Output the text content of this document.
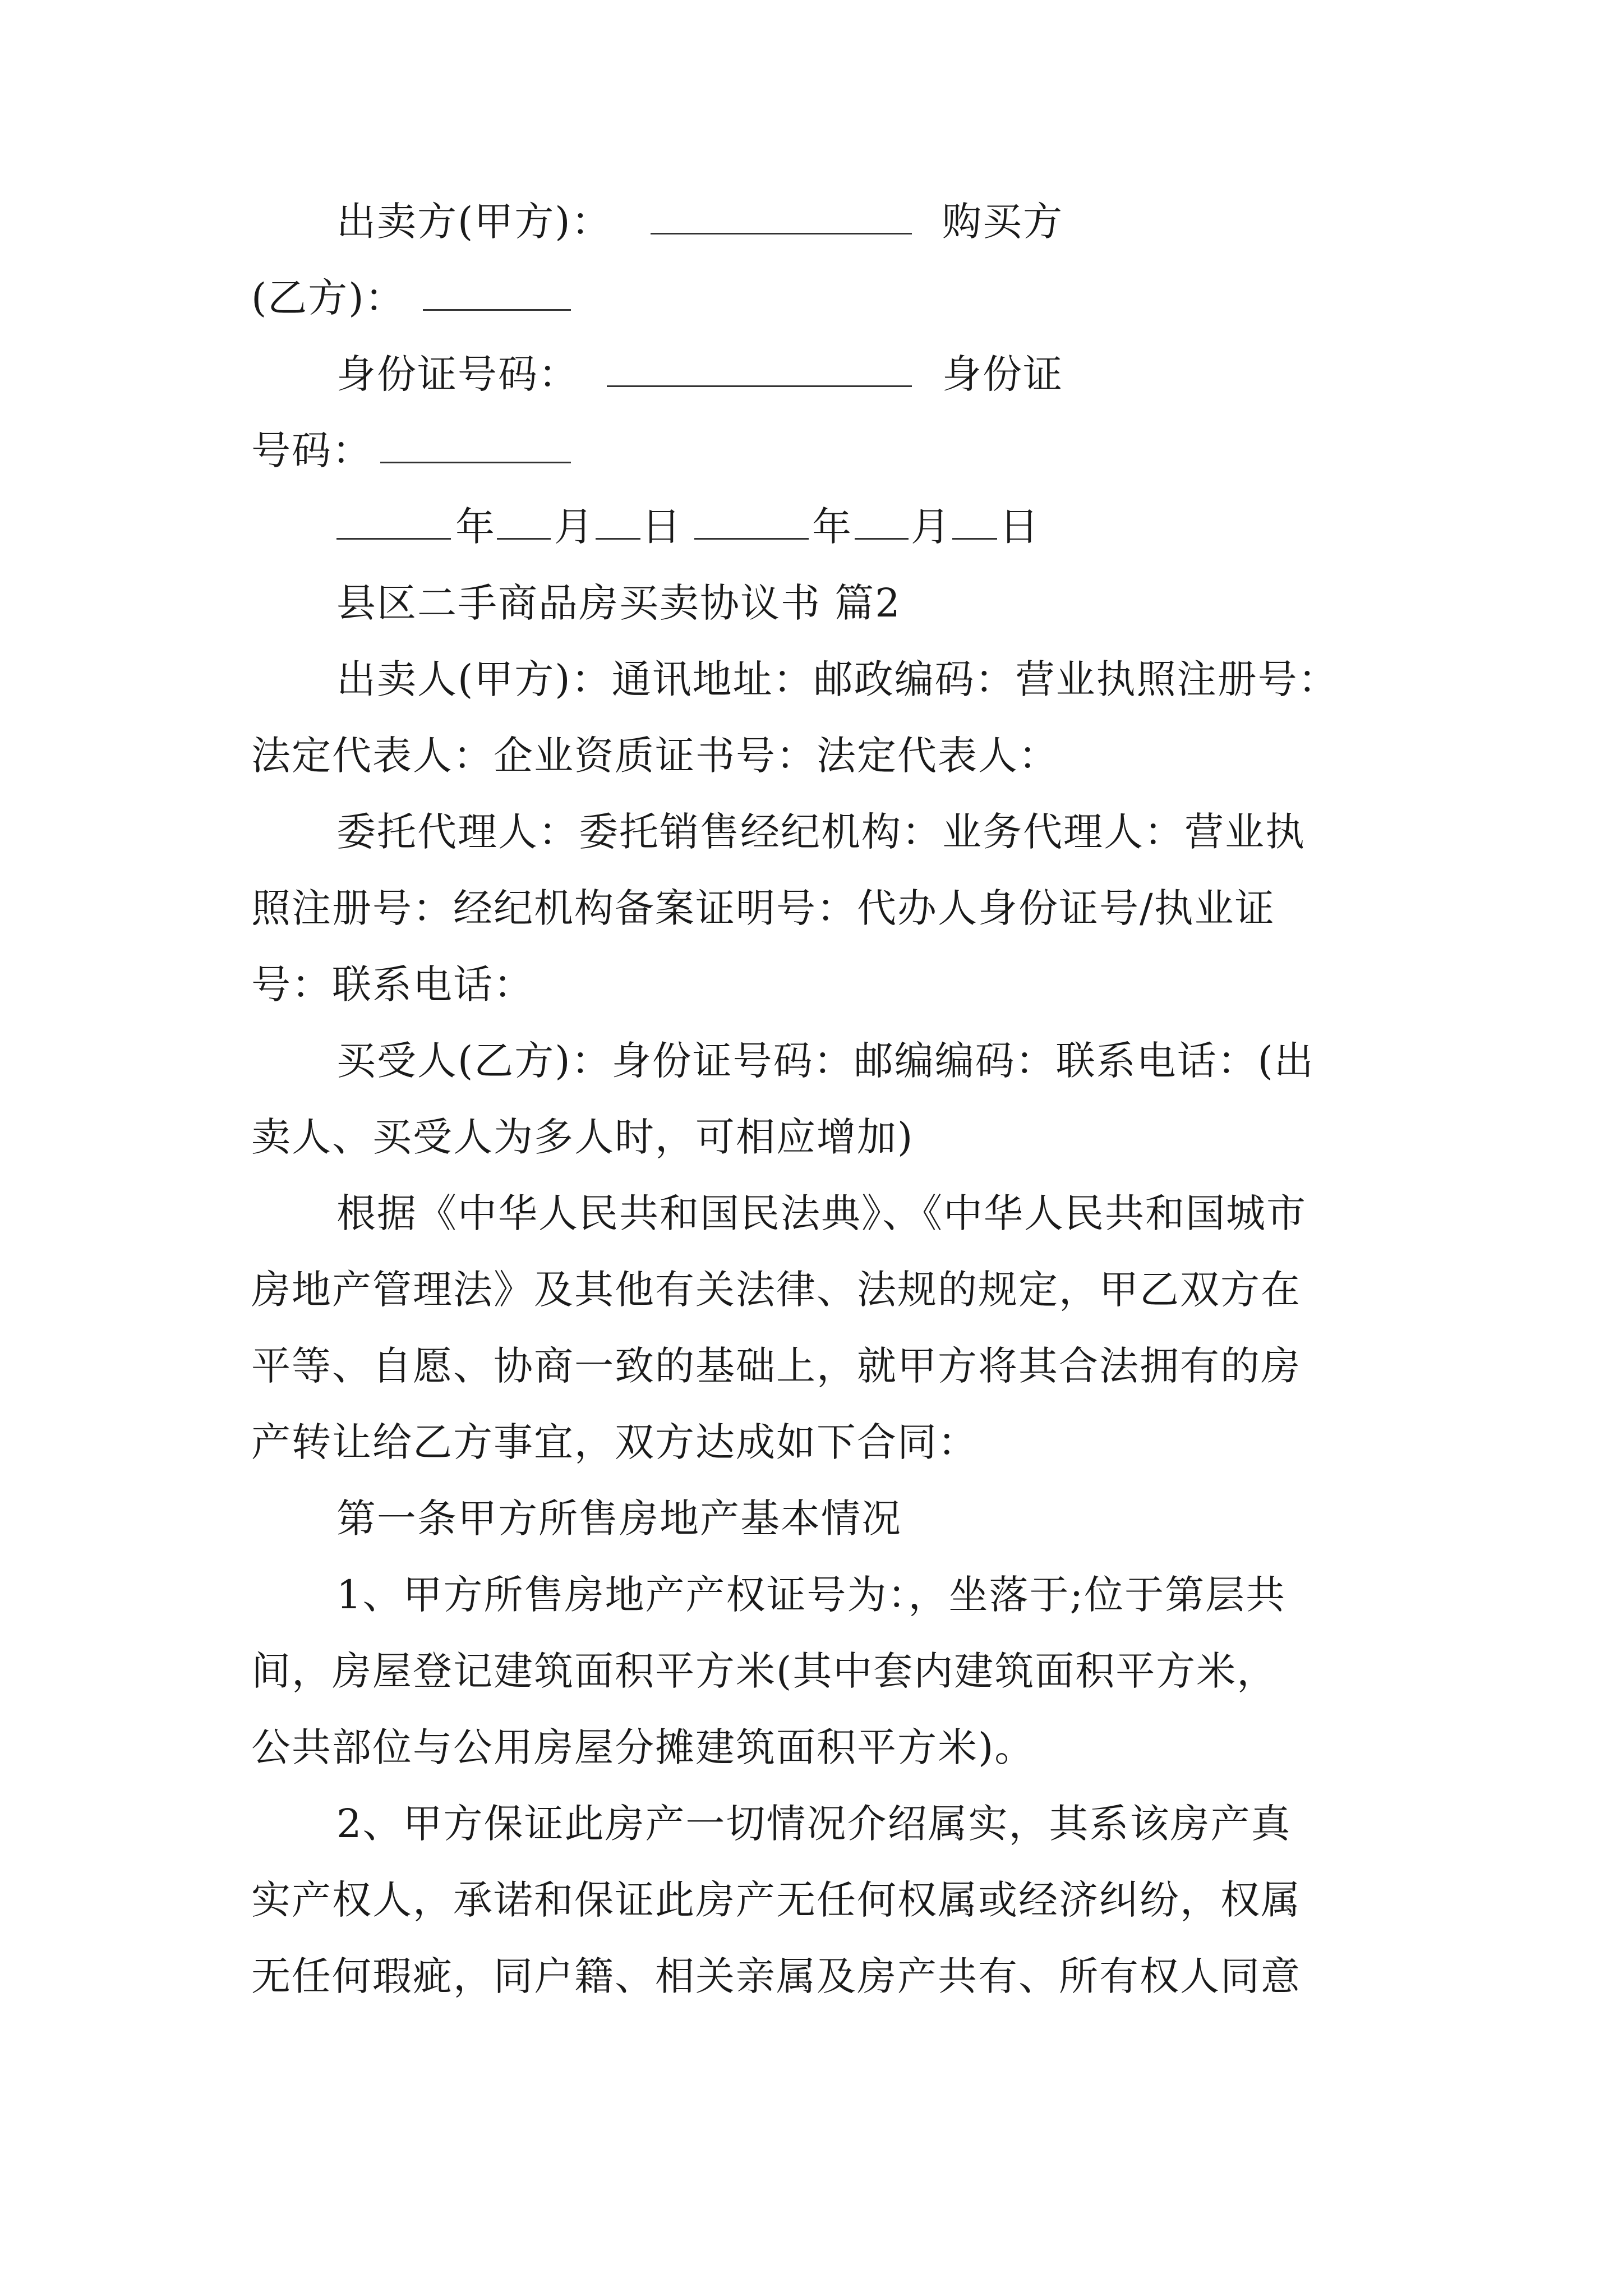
出卖方(甲方)：	购买方
(乙方)：
身份证号码：	身份证
号码：
年 月 日	年 月 日
县区二手商品房买卖协议书 篇2
出卖人(甲方)：通讯地址：邮政编码：营业执照注册号：
法定代表人：企业资质证书号：法定代表人：
委托代理人：委托销售经纪机构：业务代理人：营业执
照注册号：经纪机构备案证明号：代办人身份证号/执业证
号：联系电话：
买受人(乙方)：身份证号码：邮编编码：联系电话：(出
卖人、买受人为多人时，可相应增加)
根据《中华人民共和国民法典》、《中华人民共和国城市
房地产管理法》及其他有关法律、法规的规定，甲乙双方在
平等、自愿、协商一致的基础上，就甲方将其合法拥有的房
产转让给乙方事宜，双方达成如下合同：
第一条甲方所售房地产基本情况
1、甲方所售房地产产权证号为：，坐落于;位于第层共
间，房屋登记建筑面积平方米(其中套内建筑面积平方米，
公共部位与公用房屋分摊建筑面积平方米)。
2、甲方保证此房产一切情况介绍属实，其系该房产真
实产权人，承诺和保证此房产无任何权属或经济纠纷，权属
无任何瑕疵，同户籍、相关亲属及房产共有、所有权人同意
